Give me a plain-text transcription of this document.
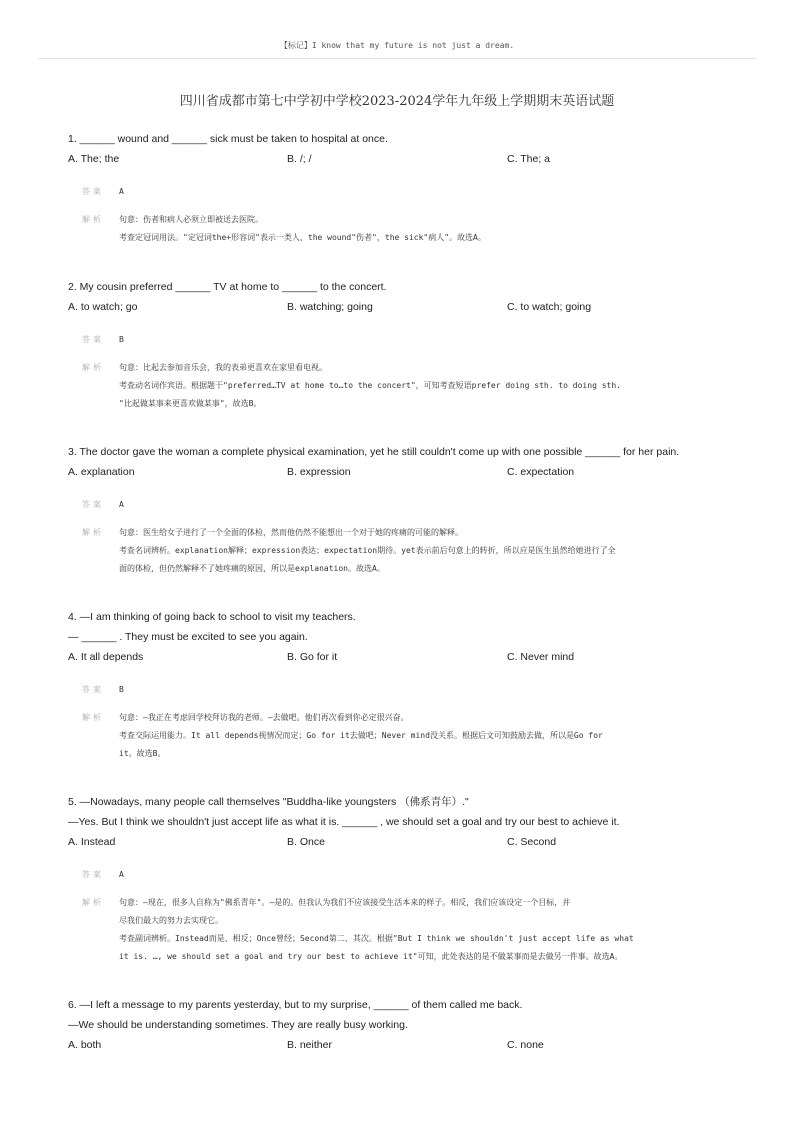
【标记】I know that my future is not just a dream.
四川省成都市第七中学初中学校2023-2024学年九年级上学期期末英语试题
1. ______ wound and ______ sick must be taken to hospital at once.
A. The; the	B. /; /	C. The; a
答案 A
解析 句意：伤者和病人必须立即被送去医院。
考查定冠词用法。"定冠词the+形容词"表示一类人，the wound"伤者"，the sick"病人"。故选A。
2. My cousin preferred ______ TV at home to ______ to the concert.
A. to watch; go	B. watching; going	C. to watch; going
答案 B
解析 句意：比起去参加音乐会，我的表弟更喜欢在家里看电视。
考查动名词作宾语。根据题干"preferred…TV at home to…to the concert"，可知考查短语prefer doing sth. to doing sth.
"比起做某事来更喜欢做某事"，故选B。
3. The doctor gave the woman a complete physical examination, yet he still couldn't come up with one possible ______ for her pain.
A. explanation	B. expression	C. expectation
答案 A
解析 句意：医生给女子进行了一个全面的体检，然而他仍然不能想出一个对于她的疼痛的可能的解释。
考查名词辨析。explanation解释；expression表达；expectation期待。yet表示前后句意上的转折，所以应是医生虽然给她进行了全
面的体检，但仍然解释不了她疼痛的原因，所以是explanation。故选A。
4. —I am thinking of going back to school to visit my teachers.
— ______ . They must be excited to see you again.
A. It all depends	B. Go for it	C. Never mind
答案 B
解析 句意：—我正在考虑回学校拜访我的老师。—去做吧。他们再次看到你必定很兴奋。
考查交际运用能力。It all depends视情况而定；Go for it去做吧；Never mind没关系。根据后文可知鼓励去做，所以是Go for
it。故选B。
5. —Nowadays, many people call themselves "Buddha-like youngsters （佛系青年）."
—Yes. But I think we shouldn't just accept life as what it is. ______ , we should set a goal and try our best to achieve it.
A. Instead	B. Once	C. Second
答案 A
解析 句意：—现在，很多人自称为"佛系青年"。—是的。但我认为我们不应该接受生活本来的样子。相反，我们应该设定一个目标，并
尽我们最大的努力去实现它。
考查副词辨析。Instead而是、相反；Once曾经；Second第二、其次。根据"But I think we shouldn't just accept life as what
it is. …, we should set a goal and try our best to achieve it"可知，此处表达的是不做某事而是去做另一件事。故选A。
6. —I left a message to my parents yesterday, but to my surprise, ______ of them called me back.
—We should be understanding sometimes. They are really busy working.
A. both	B. neither	C. none
